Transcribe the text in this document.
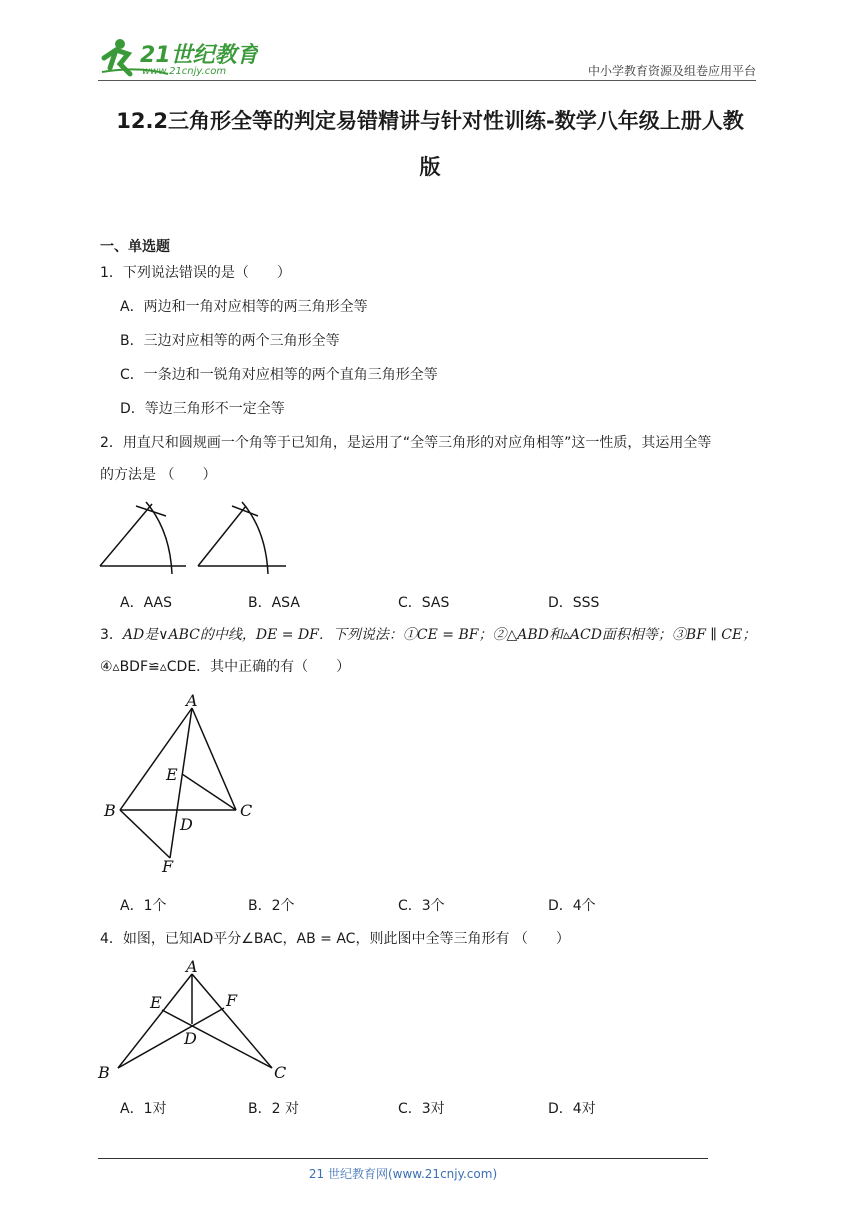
21世纪教育
www.21cnjy.com	中小学教育资源及组卷应用平台
12.2三角形全等的判定易错精讲与针对性训练-数学八年级上册人教
版
一、单选题
1．下列说法错误的是（　　）
A．两边和一角对应相等的两三角形全等
B．三边对应相等的两个三角形全等
C．一条边和一锐角对应相等的两个直角三角形全等
D．等边三角形不一定全等
2．用直尺和圆规画一个角等于已知角，是运用了“全等三角形的对应角相等”这一性质，其运用全等
的方法是 （　　）
A．AAS	B．ASA	C．SAS	D．SSS
3．AD是∨ABC的中线，DE = DF．下列说法：①CE = BF；②△ABD和▵ACD面积相等；③BF ∥ CE；
④▵BDF≌▵CDE．其中正确的有（　　）
A
E
B	C
D
F
A．1个	B．2个	C．3个	D．4个
4．如图，已知AD平分∠BAC，AB = AC，则此图中全等三角形有 （　　）
A
E	F
D
B	C
A．1对	B．2 对	C．3对	D．4对
21 世纪教育网(www.21cnjy.com)
